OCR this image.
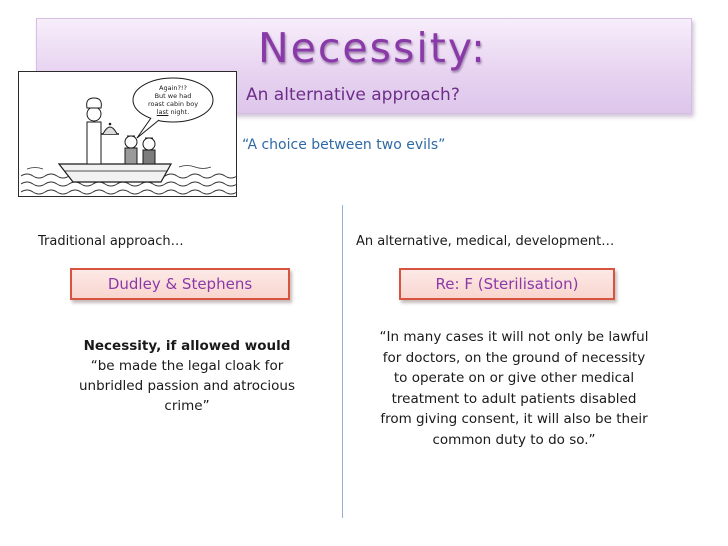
Necessity:
An alternative approach?
Again?!?
But we had
roast cabin boy
last night.
“A choice between two evils”
Traditional approach…
Dudley & Stephens
Necessity, if allowed would
“be made the legal cloak for unbridled passion and atrocious crime”
An alternative, medical, development…
Re: F (Sterilisation)
“In many cases it will not only be lawful for doctors, on the ground of necessity to operate on or give other medical treatment to adult patients disabled from giving consent, it will also be their common duty to do so.”
